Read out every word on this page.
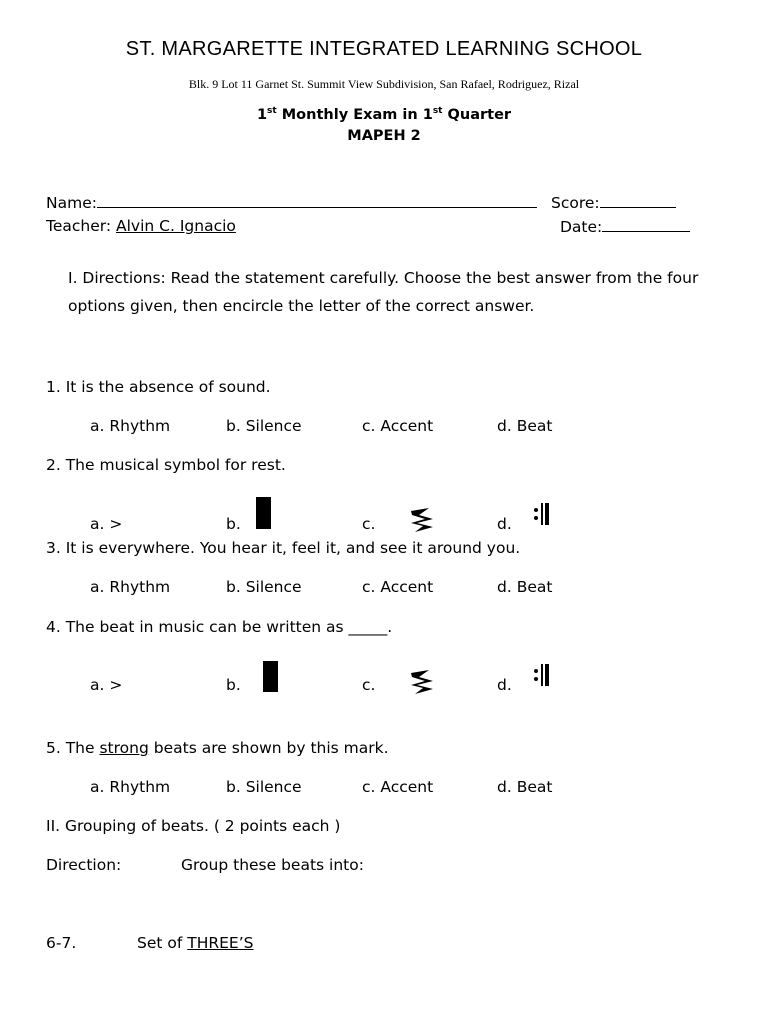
ST. MARGARETTE INTEGRATED LEARNING SCHOOL
Blk. 9 Lot 11 Garnet St. Summit View Subdivision, San Rafael, Rodriguez, Rizal
1st Monthly Exam in 1st Quarter
MAPEH 2
Name:	Score:
Teacher: Alvin C. Ignacio	Date:
I. Directions: Read the statement carefully. Choose the best answer from the four options given, then encircle the letter of the correct answer.
1. It is the absence of sound.
a. Rhythm	b. Silence	c. Accent	d. Beat
2. The musical symbol for rest.
a. >	b.	c.	d.
3. It is everywhere. You hear it, feel it, and see it around you.
a. Rhythm	b. Silence	c. Accent	d. Beat
4. The beat in music can be written as _____.
a. >	b.	c.	d.
5. The strong beats are shown by this mark.
a. Rhythm	b. Silence	c. Accent	d. Beat
II. Grouping of beats. ( 2 points each )
Direction:	Group these beats into:
6-7.	Set of THREE’S
